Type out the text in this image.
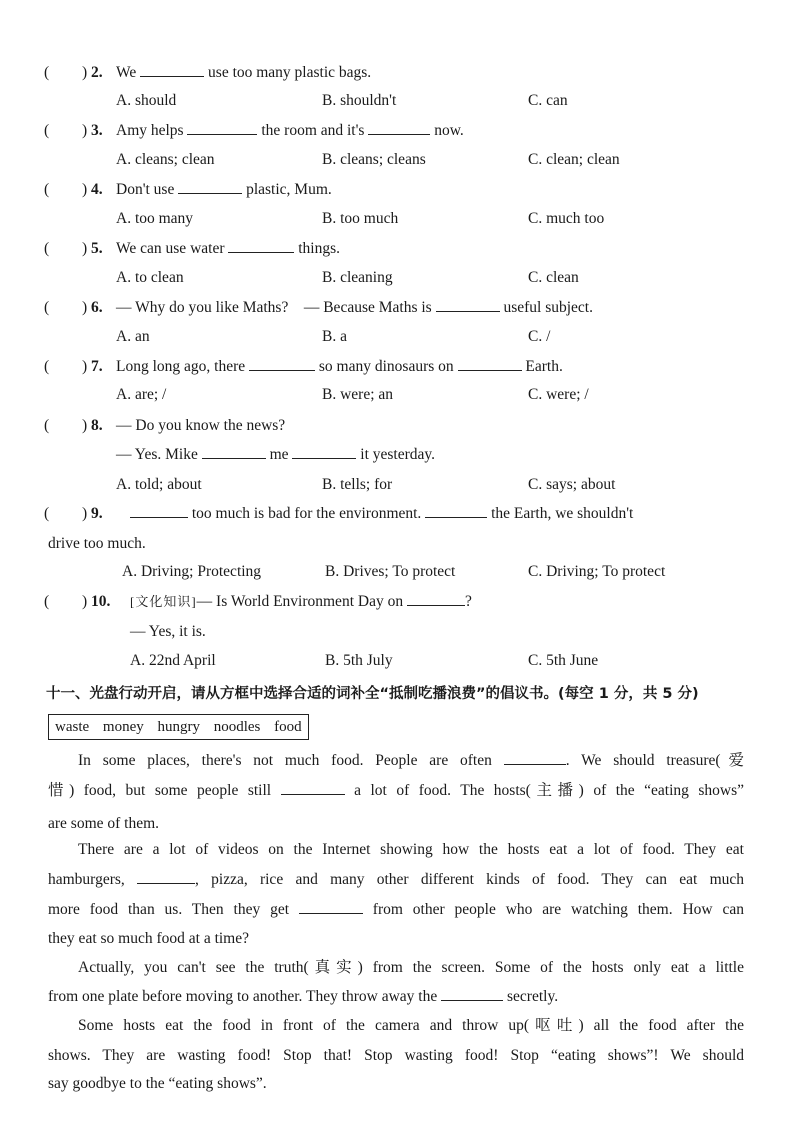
( ) 2. We	use too many plastic bags.
A. should	B. shouldn't	C. can
( ) 3. Amy helps	the room and it's	now.
A. cleans; clean	B. cleans; cleans	C. clean; clean
( ) 4. Don't use	plastic, Mum.
A. too many	B. too much	C. much too
( ) 5. We can use water	things.
A. to clean	B. cleaning	C. clean
( ) 6. — Why do you like Maths?　— Because Maths is	useful subject.
A. an	B. a	C. /
( ) 7. Long long ago, there	so many dinosaurs on	Earth.
A. are; /	B. were; an	C. were; /
( ) 8. — Do you know the news?
— Yes. Mike	me	it yesterday.
A. told; about	B. tells; for	C. says; about
( ) 9.	too much is bad for the environment.	the Earth, we shouldn't
drive too much.
A. Driving; Protecting	B. Drives; To protect	C. Driving; To protect
( ) 10. [文化知识]— Is World Environment Day on	?
— Yes, it is.
A. 22nd April	B. 5th July	C. 5th June
十一、光盘行动开启，请从方框中选择合适的词补全“抵制吃播浪费”的倡议书。(每空 1 分，共 5 分)
waste money hungry noodles food
In some places, there's not much food. People are often	. We should treasure(爱
惜) food, but some people still	a lot of food. The hosts(主播) of the “eating shows”
are some of them.
There are a lot of videos on the Internet showing how the hosts eat a lot of food. They eat
hamburgers,	, pizza, rice and many other different kinds of food. They can eat much
more food than us. Then they get	from other people who are watching them. How can
they eat so much food at a time?
Actually, you can't see the truth(真实) from the screen. Some of the hosts only eat a little
from one plate before moving to another. They throw away the	secretly.
Some hosts eat the food in front of the camera and throw up(呕吐) all the food after the
shows. They are wasting food! Stop that! Stop wasting food! Stop “eating shows”! We should
say goodbye to the “eating shows”.
